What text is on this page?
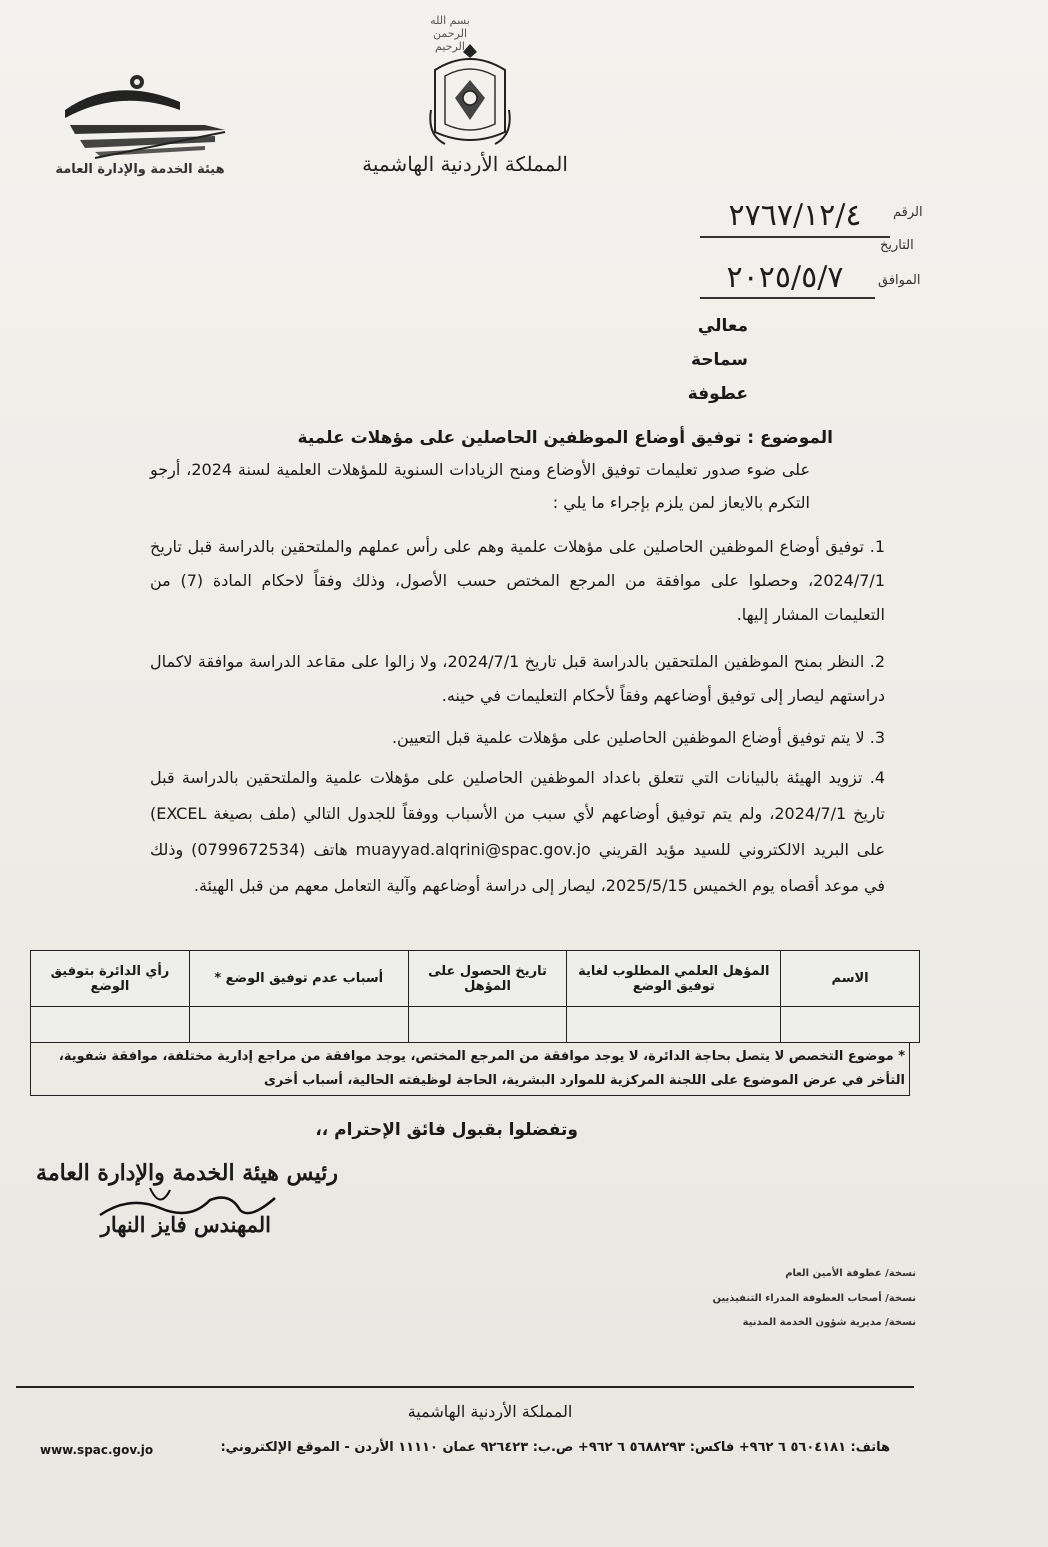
هيئة الخدمة والإدارة العامة
بسم الله الرحمن الرحيم
المملكة الأردنية الهاشمية
الرقم
٢٧٦٧/١٢/٤
التاريخ
الموافق
٢٠٢٥/٥/٧
معالي
سماحة
عطوفة
الموضوع : توفيق أوضاع الموظفين الحاصلين على مؤهلات علمية
على ضوء صدور تعليمات توفيق الأوضاع ومنح الزيادات السنوية للمؤهلات العلمية لسنة 2024، أرجو التكرم بالايعاز لمن يلزم بإجراء ما يلي :
1. توفيق أوضاع الموظفين الحاصلين على مؤهلات علمية وهم على رأس عملهم والملتحقين بالدراسة قبل تاريخ 2024/7/1، وحصلوا على موافقة من المرجع المختص حسب الأصول، وذلك وفقاً لاحكام المادة (7) من التعليمات المشار إليها.
2. النظر بمنح الموظفين الملتحقين بالدراسة قبل تاريخ 2024/7/1، ولا زالوا على مقاعد الدراسة موافقة لاكمال دراستهم ليصار إلى توفيق أوضاعهم وفقاً لأحكام التعليمات في حينه.
3. لا يتم توفيق أوضاع الموظفين الحاصلين على مؤهلات علمية قبل التعيين.
4. تزويد الهيئة بالبيانات التي تتعلق باعداد الموظفين الحاصلين على مؤهلات علمية والملتحقين بالدراسة قبل تاريخ 2024/7/1، ولم يتم توفيق أوضاعهم لأي سبب من الأسباب ووفقاً للجدول التالي (ملف بصيغة EXCEL) على البريد الالكتروني للسيد مؤيد القريني muayyad.alqrini@spac.gov.jo هاتف (0799672534) وذلك في موعد أقصاه يوم الخميس 2025/5/15، ليصار إلى دراسة أوضاعهم وآلية التعامل معهم من قبل الهيئة.
الاسم	المؤهل العلمي المطلوب لغاية توفيق الوضع	تاريخ الحصول على المؤهل	أسباب عدم توفيق الوضع *	رأي الدائرة بتوفيق الوضع

* موضوع التخصص لا يتصل بحاجة الدائرة، لا يوجد موافقة من المرجع المختص، يوجد موافقة من مراجع إدارية مختلفة، موافقة شفوية، التأخر في عرض الموضوع على اللجنة المركزية للموارد البشرية، الحاجة لوظيفته الحالية، أسباب أخرى
وتفضلوا بقبول فائق الإحترام ،،
رئيس هيئة الخدمة والإدارة العامة
المهندس فايز النهار
نسخة/ عطوفة الأمين العام
نسخة/ أصحاب العطوفة المدراء التنفيذيين
نسخة/ مديرية شؤون الخدمة المدنية
المملكة الأردنية الهاشمية
هاتف: ٥٦٠٤١٨١ ٦ ٩٦٢+ فاكس: ٥٦٨٨٢٩٣ ٦ ٩٦٢+ ص.ب: ٩٢٦٤٢٣ عمان ١١١١٠ الأردن - الموقع الإلكتروني:
www.spac.gov.jo
